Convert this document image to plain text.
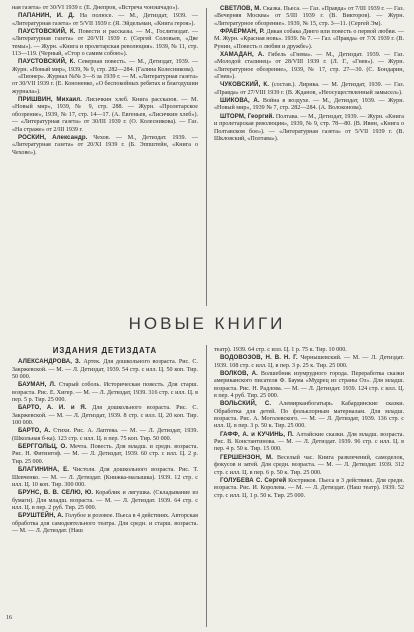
ная газета» от 30/VI 1939 г. (Е. Днепров, «Встреча чонэшчадо»).

ПАПАНИН, И. Д. На полюсе. — М., Детиздат, 1939. — «Литературная газета» от 5/VII 1939 г. (Я. Эйдельман, «Книга героя»).

ПАУСТОВСКИЙ, К. Повести и рассказы. — М., Гослитиздат. — «Литературная газета» от 20/VII 1939 г. (Сергей Соловьев, «Две темы»). — Журн. «Книга и пролетарская революция». 1939, № 11, стр. 113—119. (Черный, «Стор о самим собою»).

ПАУСТОВСКИЙ, К. Северная повесть. — М., Детиздат, 1939. — Журн. «Новый мир», 1939, № 9, стр. 282—284. (Галина Колесникова).

«Пионер». Журнал №№ 3—6 за 1939 г. — М. «Литературная газета» от 30/VII 1939 г. (Е. Кононенко, «О беспокойных ребятах и благодушии журнала»).

ПРИШВИН, Михаил. Лисичкин хлеб. Книга рассказов. — М. «Новый мир», 1939, № 9, стр. 288. — Журн. «Пролетарское обозрение», 1939, № 17, стр. 14—17. (А. Евгеньев, «Лисичкин хлеб»). — «Литературная газета» от 30/III 1939 г. (О. Колесникова). — Газ. «На страже» от 2/III 1939 г.

РОСКИН, Александр. Чехов. — М., Детиздат. 1939. — «Литературная газета» от 20/XI 1939 г. (Б. Эппштейн, «Книга о Чехове»).

СВЕТЛОВ, М. Сказка. Пьеса. — Газ. «Правда» от 7/III 1939 г. — Газ. «Вечерняя Москва» от 5/III 1939 г. (В. Викторов). — Журн. «Литературное обозрение». 1939, № 15, стр. 3—11. (Сергей Эм).

ФРАЕРМАН, Р. Дикая собака Динго или повесть о первой любви. — М. Журн. «Красная новь». 1939. № 7. — Газ. «Правда» от 7/X 1939 г. (В. Рунин, «Повесть о любви и дружбе»).

ХАМАДАН, А. Гибель «Гнева». — М., Детиздат. 1939. — Газ. «Молодой сталинец» от 28/VIII 1939 г. (Л. Г., «Гнев»). — Журн. «Литературное обозрение», 1939, № 17, стр. 27—30. (С. Бондарин, «Гнев»).

ЧУКОВСКИЙ, К. (состав.). Лирика. — М. Детиздат, 1939. — Газ. «Правда» от 27/VIII 1939 г. (В. Жданов, «Неосуществленный замысел»).

ШИКОВА, А. Война в воздухе. — М., Детиздат, 1939. — Журн. «Новый мир», 1939 № 7, стр. 282—284. (А. Волоконова).

ШТОРМ, Георгий. Полтава. — М., Детиздат, 1939. — Журн. «Книга и пролетарская революция», 1939, № 9, стр. 78—80. (В. Ивин, «Книга о Полтавском бое»). — «Литературная газета» от 5/VII 1939 г. (В. Шкловский, «Полтава»).

НОВЫЕ КНИГИ
ИЗДАНИЯ ДЕТИЗДАТА

АЛЕКСАНДРОВА, З. Артек. Для дошкольного возраста. Рис. С. Закржевской. — М. — Л. Детиздат, 1939. 54 стр. с илл. Ц. 50 коп. Тир. 50 000.

БАУМАН, Л. Старый соболь. Историческая повесть. Для старш. возраста. Рис. Е. Хигер. — М. — Л. Детиздат, 1939. 316 стр. с илл. Ц. в пер. 5 р. Тир. 25 000.

БАРТО, А. И. и Я. Для дошкольного возраста. Рис. С. Закржевской. — М. — Л. Детиздат, 1939. 8 стр. с илл. Ц. 20 коп. Тир. 100 000.

БАРТО, А. Стихи. Рис. А. Лаптева. — М. — Л. Детиздат, 1939. (Школьная б-ка). 123 стр. с илл. Ц. в пер. 75 коп. Тир. 50 000.

БЕРГГОЛЬЦ, О. Мечта. Повесть. Для младш. и средн. возраста. Рис. Н. Фитингоф. — М. — Л. Детиздат, 1939. 60 стр. с илл. Ц. 2 р. Тир. 25 000.

БЛАГИНИНА, Е. Чистоля. Для дошкольного возраста. Рис. Т. Шевченко. — М. — Л. Детиздат. (Книжка-малышка). 1939. 12 стр. с илл. Ц. 10 коп. Тир. 300 000.

БРУНС, В. В. СЕЛЮ, Ю. Кораблик и лягушка. (Складывание из бумаги). Для младш. возраста. — М. — Л. Детиздат. 1939. 64 стр. с илл. Ц. в пер. 2 руб. Тир. 25 000.

БРУШТЕЙН, А. Голубое и розовое. Пьеса в 4 действиях. Авторская обработка для самодеятельного театра. Для средн. и старш. возраста. — М. — Л. Детиздат. (Наш

театр). 1939. 64 стр. с илл. Ц. 1 р. 75 к. Тир. 10 000.

ВОДОВОЗОВ, Н. В. Н. Г. Чернышевский. — М. — Л. Детиздат. 1939. 108 стр. с илл. Ц. в пер. 3 р. 25 к. Тир. 25 000.

ВОЛКОВ, А. Волшебник изумрудного города. Переработка сказки американского писателя Ф. Баума «Мудрец из страны Оз». Для младш. возраста. Рис. Н. Радлова. — М. — Л. Детиздат. 1939. 124 стр. с илл. Ц. в пер. 4 руб. Тир. 25 000.

ВОЛЬСКИЙ, С. Алемирканбогатырь. Кабардинские сказки. Обработка для детей. По фольклорным материалам. Для младш. возраста. Рис. А. Моголевского. — М. — Л. Детиздат, 1939. 136 стр. с илл. Ц. в пер. 3 р. 50 к. Тир. 25 000.

ГАФФ, А. и КУЧИНЬ, П. Алтайские сказки. Для младш. возраста. Рис. В. Константинова. — М. — Л. Детиздат. 1939. 96 стр. с илл. Ц. в пер. 4 р. 50 к. Тир. 15 000.

ГЕРШЕНЗОН, М. Веселый час. Книга развлечений, самоделок, фокусов и затей. Для средн. возраста. — М. — Л. Детиздат. 1939. 312 стр. с илл. Ц. в пер. 6 р. 50 к. Тир. 25 000.

ГОЛУБЕВА С. Сергей Костриков. Пьеса в 3 действиях. Для средн. возраста. Рис. И. Королева. — М. — Л. Детиздат. (Наш театр). 1939. 52 стр. с илл. Ц. 1 р. 50 к. Тир. 25 000.

16
